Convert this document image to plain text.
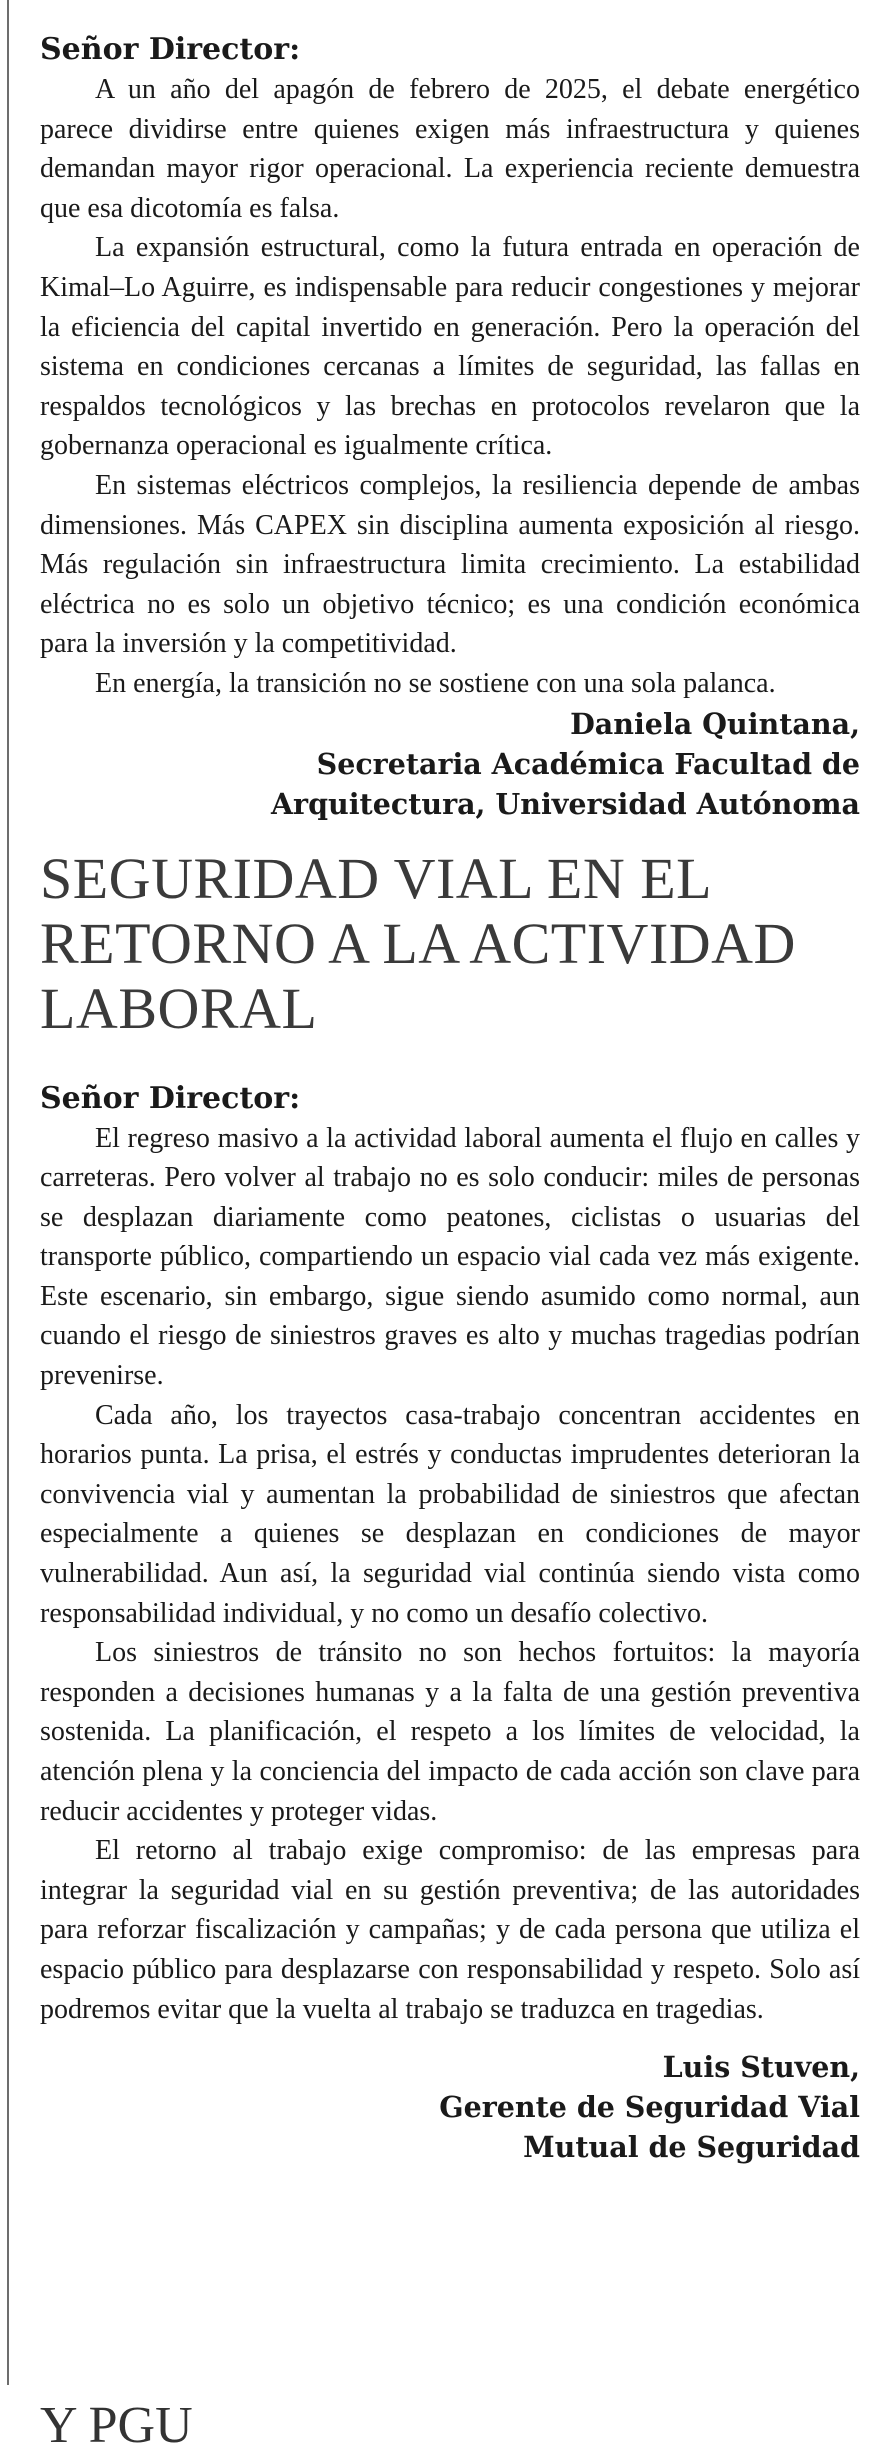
Señor Director:

A un año del apagón de febrero de 2025, el debate energético parece dividirse entre quienes exigen más infraestructura y quienes demandan mayor rigor operacional. La experiencia reciente demuestra que esa dicotomía es falsa.

La expansión estructural, como la futura entrada en operación de Kimal–Lo Aguirre, es indispensable para reducir congestiones y mejorar la eficiencia del capital invertido en generación. Pero la operación del sistema en condiciones cercanas a límites de seguridad, las fallas en respaldos tecnológicos y las brechas en protocolos revelaron que la gobernanza operacional es igualmente crítica.

En sistemas eléctricos complejos, la resiliencia depende de ambas dimensiones. Más CAPEX sin disciplina aumenta exposición al riesgo. Más regulación sin infraestructura limita crecimiento. La estabilidad eléctrica no es solo un objetivo técnico; es una condición económica para la inversión y la competitividad.

En energía, la transición no se sostiene con una sola palanca.

Daniela Quintana,

Secretaria Académica Facultad de

Arquitectura, Universidad Autónoma

SEGURIDAD VIAL EN EL RETORNO A LA ACTIVIDAD LABORAL

Señor Director:

El regreso masivo a la actividad laboral aumenta el flujo en calles y carreteras. Pero volver al trabajo no es solo conducir: miles de personas se desplazan diariamente como peatones, ciclistas o usuarias del transporte público, compartiendo un espacio vial cada vez más exigente. Este escenario, sin embargo, sigue siendo asumido como normal, aun cuando el riesgo de siniestros graves es alto y muchas tragedias podrían prevenirse.

Cada año, los trayectos casa-trabajo concentran accidentes en horarios punta. La prisa, el estrés y conductas imprudentes deterioran la convivencia vial y aumentan la probabilidad de siniestros que afectan especialmente a quienes se desplazan en condiciones de mayor vulnerabilidad. Aun así, la seguridad vial continúa siendo vista como responsabilidad individual, y no como un desafío colectivo.

Los siniestros de tránsito no son hechos fortuitos: la mayoría responden a decisiones humanas y a la falta de una gestión preventiva sostenida. La planificación, el respeto a los límites de velocidad, la atención plena y la conciencia del impacto de cada acción son clave para reducir accidentes y proteger vidas.

El retorno al trabajo exige compromiso: de las empresas para integrar la seguridad vial en su gestión preventiva; de las autoridades para reforzar fiscalización y campañas; y de cada persona que utiliza el espacio público para desplazarse con responsabilidad y respeto. Solo así podremos evitar que la vuelta al trabajo se traduzca en tragedias.

Luis Stuven,

Gerente de Seguridad Vial

Mutual de Seguridad

Y PGU
